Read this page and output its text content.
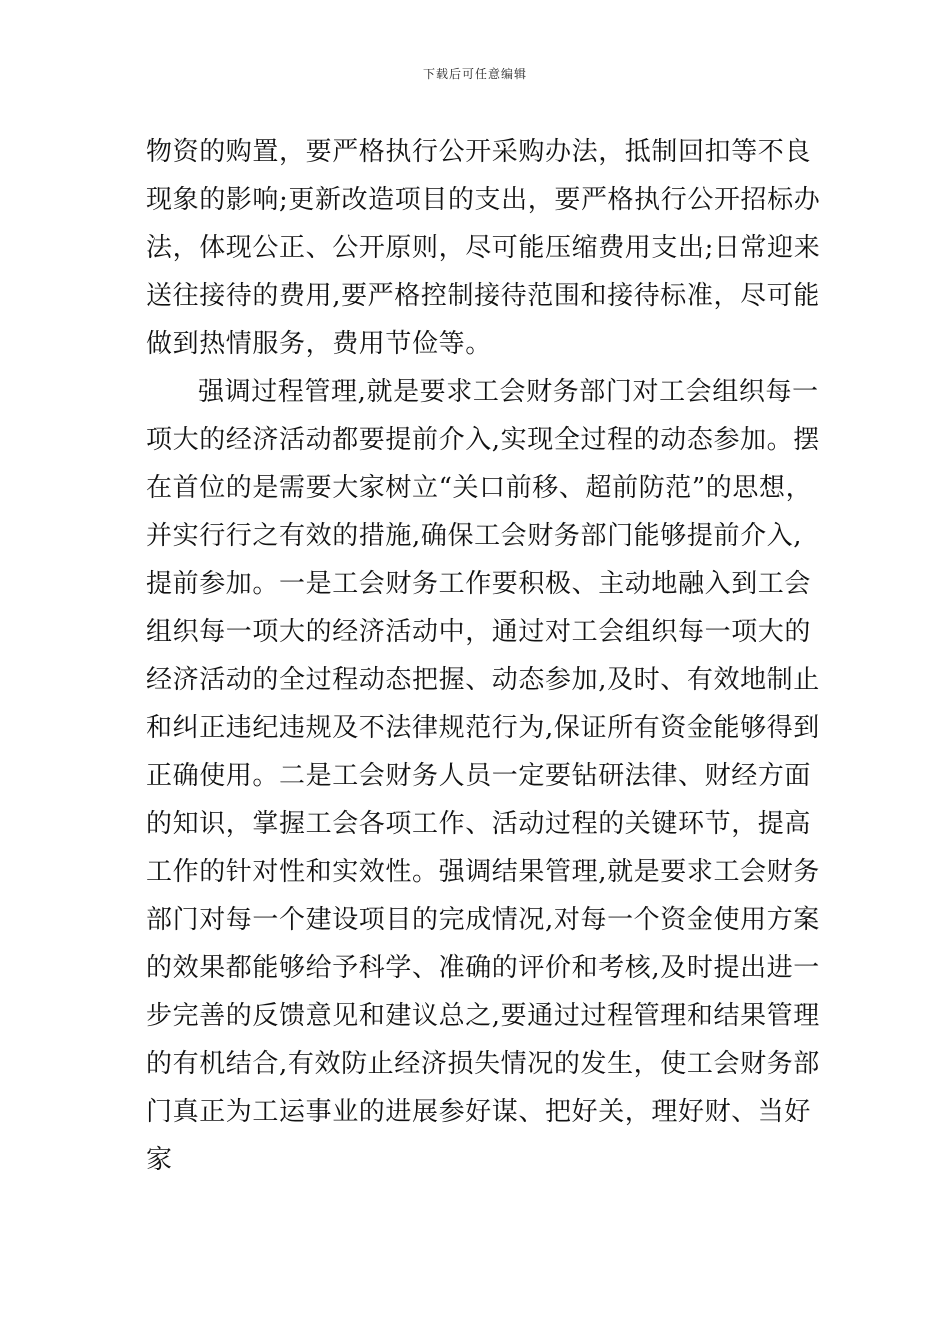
下载后可任意编辑
物资的购置，要严格执行公开采购办法，抵制回扣等不良
现象的影响;更新改造项目的支出，要严格执行公开招标办
法，体现公正、公开原则，尽可能压缩费用支出;日常迎来
送往接待的费用,要严格控制接待范围和接待标准，尽可能
做到热情服务，费用节俭等。
强调过程管理,就是要求工会财务部门对工会组织每一
项大的经济活动都要提前介入,实现全过程的动态参加。摆
在首位的是需要大家树立“关口前移、超前防范”的思想，
并实行行之有效的措施,确保工会财务部门能够提前介入,
提前参加。一是工会财务工作要积极、主动地融入到工会
组织每一项大的经济活动中，通过对工会组织每一项大的
经济活动的全过程动态把握、动态参加,及时、有效地制止
和纠正违纪违规及不法律规范行为,保证所有资金能够得到
正确使用。二是工会财务人员一定要钻研法律、财经方面
的知识，掌握工会各项工作、活动过程的关键环节，提高
工作的针对性和实效性。强调结果管理,就是要求工会财务
部门对每一个建设项目的完成情况,对每一个资金使用方案
的效果都能够给予科学、准确的评价和考核,及时提出进一
步完善的反馈意见和建议总之,要通过过程管理和结果管理
的有机结合,有效防止经济损失情况的发生，使工会财务部
门真正为工运事业的进展参好谋、把好关，理好财、当好
家
